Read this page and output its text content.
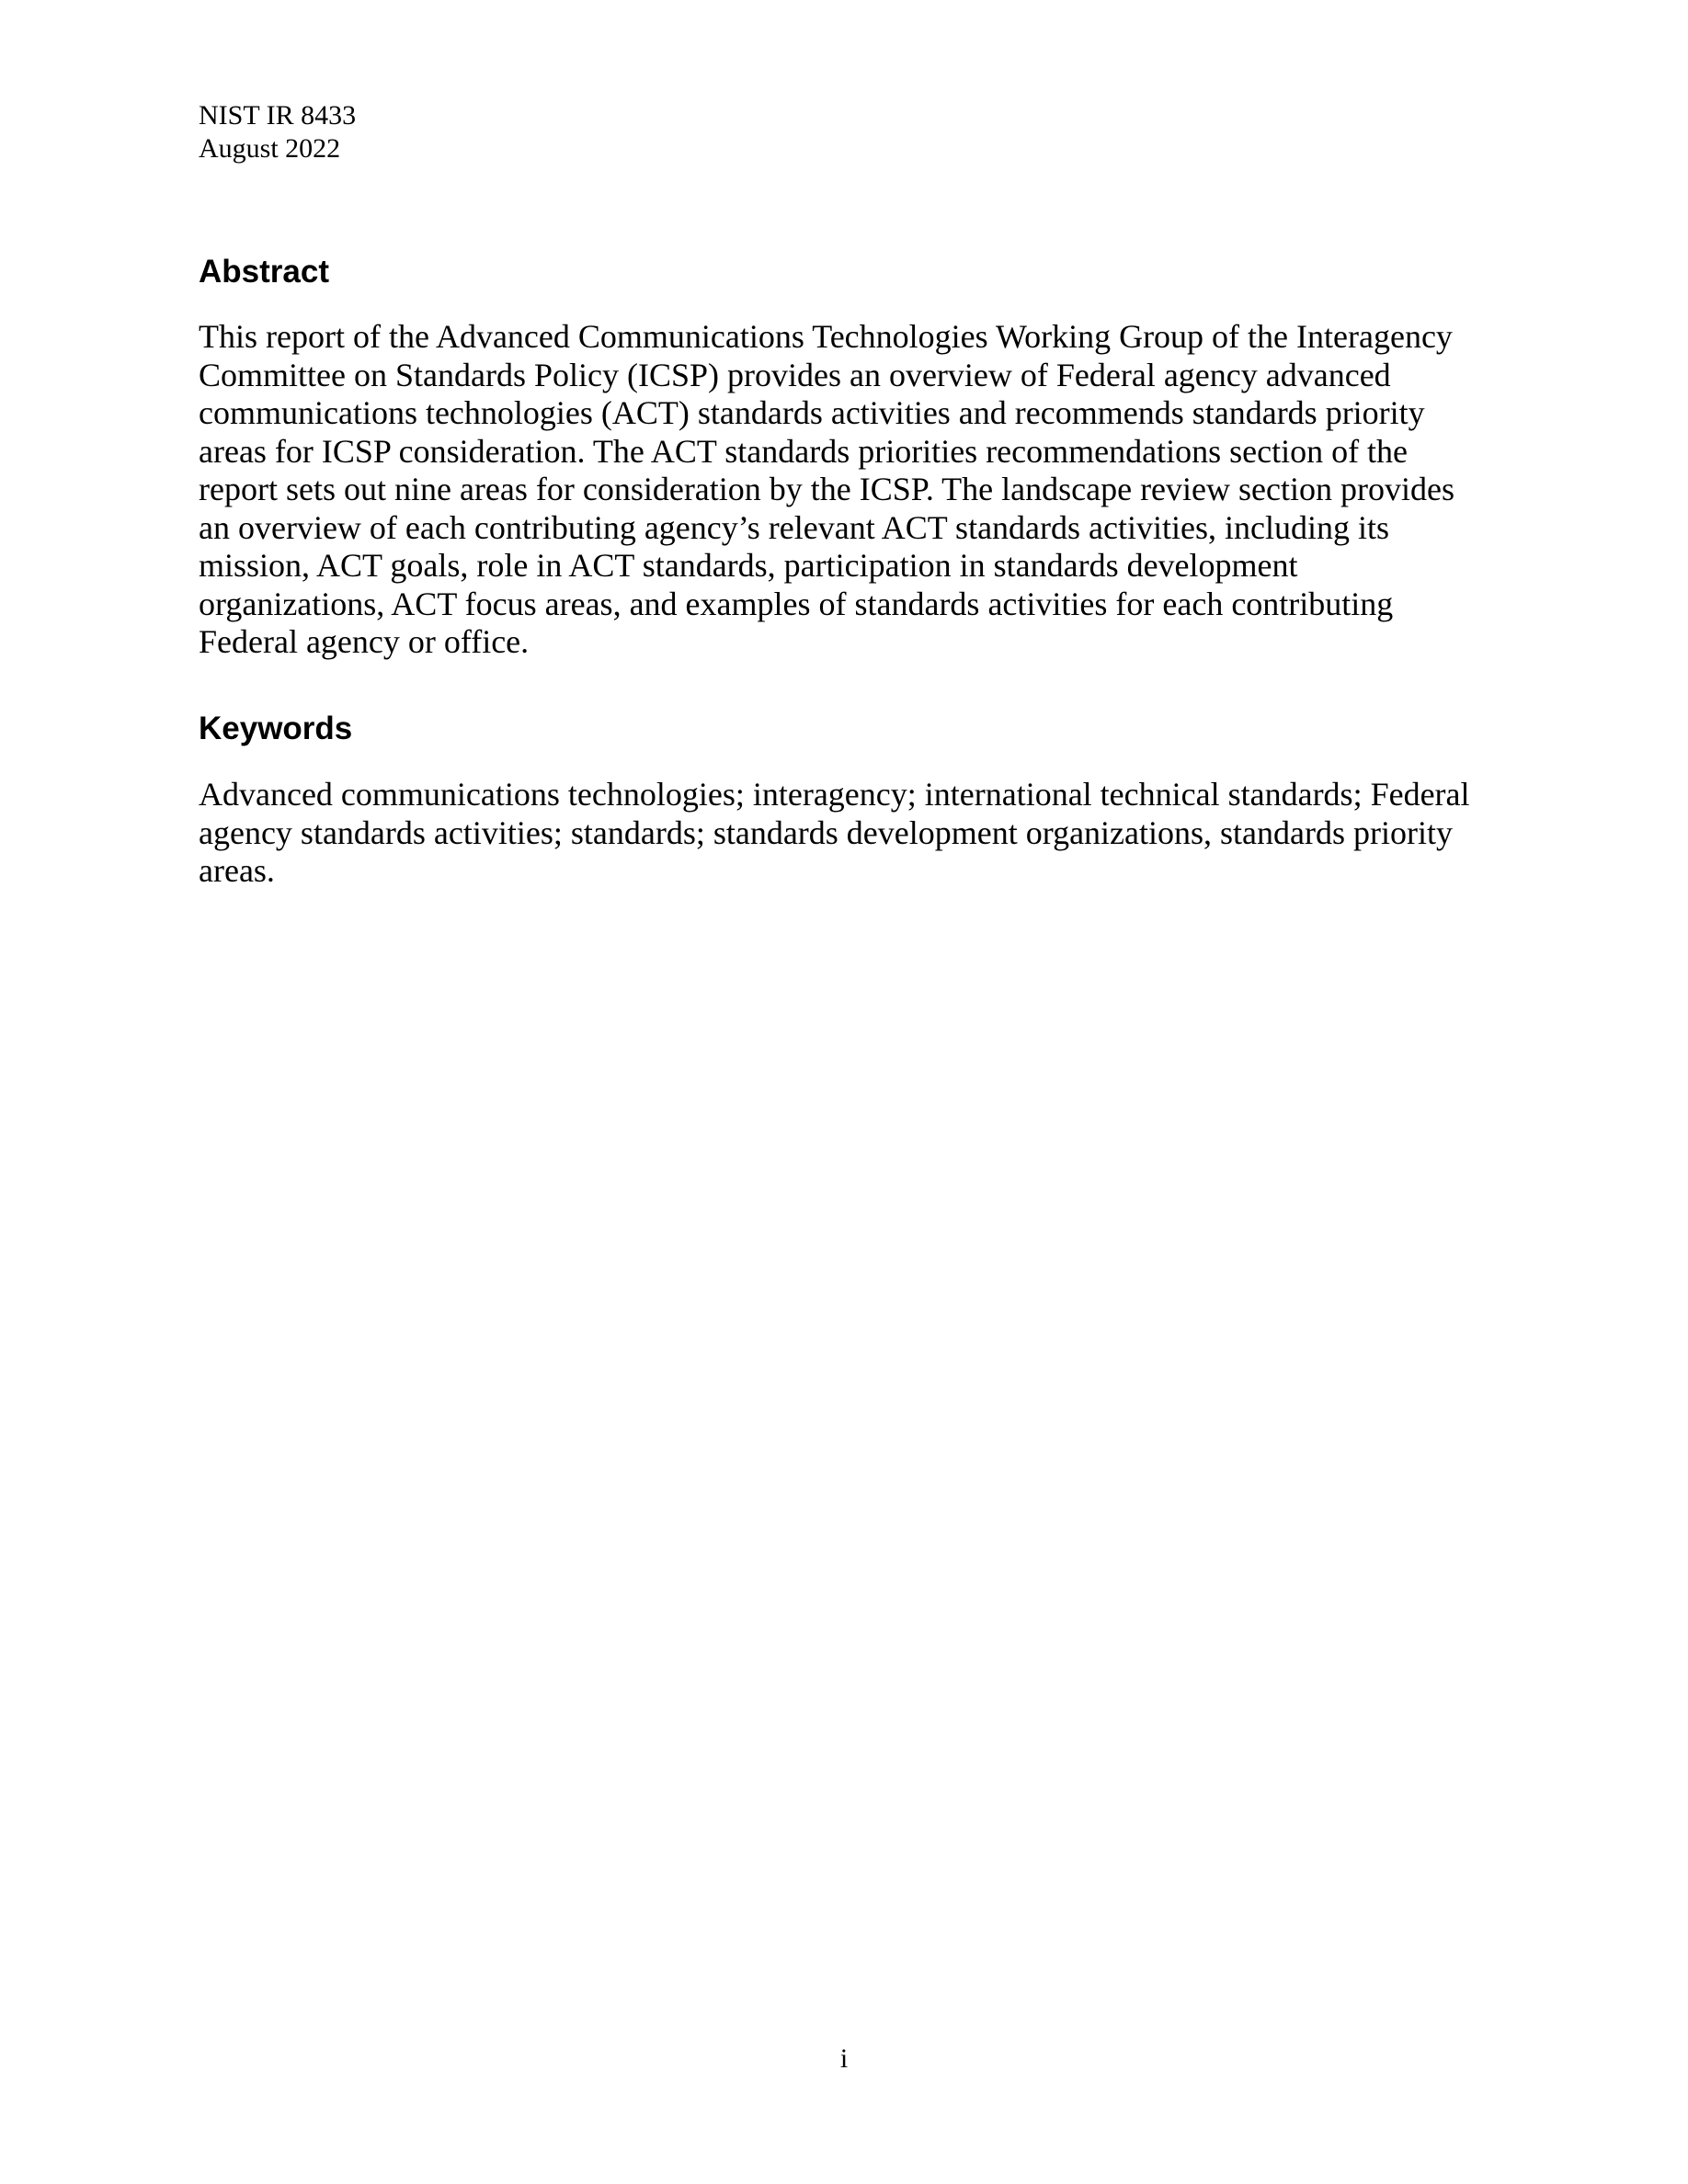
NIST IR 8433
August 2022
Abstract
This report of the Advanced Communications Technologies Working Group of the Interagency
Committee on Standards Policy (ICSP) provides an overview of Federal agency advanced
communications technologies (ACT) standards activities and recommends standards priority
areas for ICSP consideration. The ACT standards priorities recommendations section of the
report sets out nine areas for consideration by the ICSP. The landscape review section provides
an overview of each contributing agency’s relevant ACT standards activities, including its
mission, ACT goals, role in ACT standards, participation in standards development
organizations, ACT focus areas, and examples of standards activities for each contributing
Federal agency or office.
Keywords
Advanced communications technologies; interagency; international technical standards; Federal
agency standards activities; standards; standards development organizations, standards priority
areas.
i
